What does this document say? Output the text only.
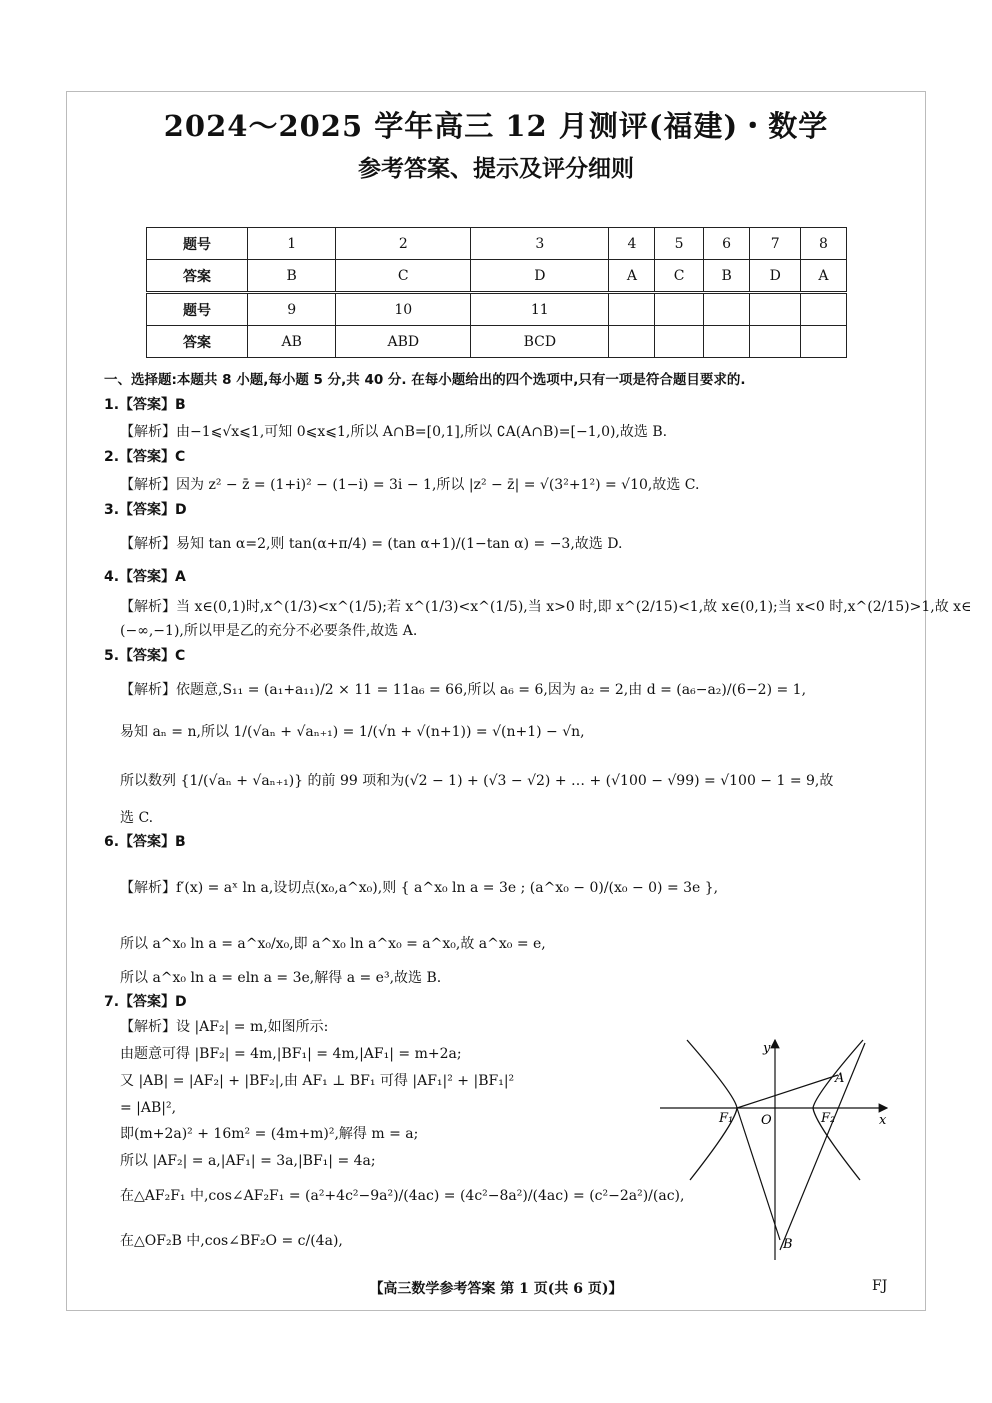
2024～2025 学年高三 12 月测评(福建)・数学
参考答案、提示及评分细则
题号	1	2	3	4	5	6	7	8
答案	B	C	D	A	C	B	D	A
题号	9	10	11					
答案	AB	ABD	BCD					
一、选择题:本题共 8 小题,每小题 5 分,共 40 分. 在每小题给出的四个选项中,只有一项是符合题目要求的.
1.【答案】B
【解析】由−1⩽√x⩽1,可知 0⩽x⩽1,所以 A∩B=[0,1],所以 ∁A(A∩B)=[−1,0),故选 B.
2.【答案】C
【解析】因为 z² − z̄ = (1+i)² − (1−i) = 3i − 1,所以 |z² − z̄| = √(3²+1²) = √10,故选 C.
3.【答案】D
【解析】易知 tan α=2,则 tan(α+π/4) = (tan α+1)/(1−tan α) = −3,故选 D.
4.【答案】A
【解析】当 x∈(0,1)时,x^(1/3)<x^(1/5);若 x^(1/3)<x^(1/5),当 x>0 时,即 x^(2/15)<1,故 x∈(0,1);当 x<0 时,x^(2/15)>1,故 x∈
(−∞,−1),所以甲是乙的充分不必要条件,故选 A.
5.【答案】C
【解析】依题意,S₁₁ = (a₁+a₁₁)/2 × 11 = 11a₆ = 66,所以 a₆ = 6,因为 a₂ = 2,由 d = (a₆−a₂)/(6−2) = 1,
易知 aₙ = n,所以 1/(√aₙ + √aₙ₊₁) = 1/(√n + √(n+1)) = √(n+1) − √n,
所以数列 {1/(√aₙ + √aₙ₊₁)} 的前 99 项和为(√2 − 1) + (√3 − √2) + … + (√100 − √99) = √100 − 1 = 9,故
选 C.
6.【答案】B
【解析】f′(x) = aˣ ln a,设切点(x₀,a^x₀),则 { a^x₀ ln a = 3e ; (a^x₀ − 0)/(x₀ − 0) = 3e },
所以 a^x₀ ln a = a^x₀/x₀,即 a^x₀ ln a^x₀ = a^x₀,故 a^x₀ = e,
所以 a^x₀ ln a = eln a = 3e,解得 a = e³,故选 B.
7.【答案】D
【解析】设 |AF₂| = m,如图所示:
由题意可得 |BF₂| = 4m,|BF₁| = 4m,|AF₁| = m+2a;
又 |AB| = |AF₂| + |BF₂|,由 AF₁ ⊥ BF₁ 可得 |AF₁|² + |BF₁|²
= |AB|²,
即(m+2a)² + 16m² = (4m+m)²,解得 m = a;
所以 |AF₂| = a,|AF₁| = 3a,|BF₁| = 4a;
在△AF₂F₁ 中,cos∠AF₂F₁ = (a²+4c²−9a²)/(4ac) = (4c²−8a²)/(4ac) = (c²−2a²)/(ac),
在△OF₂B 中,cos∠BF₂O = c/(4a),
y
x
O
F₁	F₂
A
B
【高三数学参考答案 第 1 页(共 6 页)】	FJ
